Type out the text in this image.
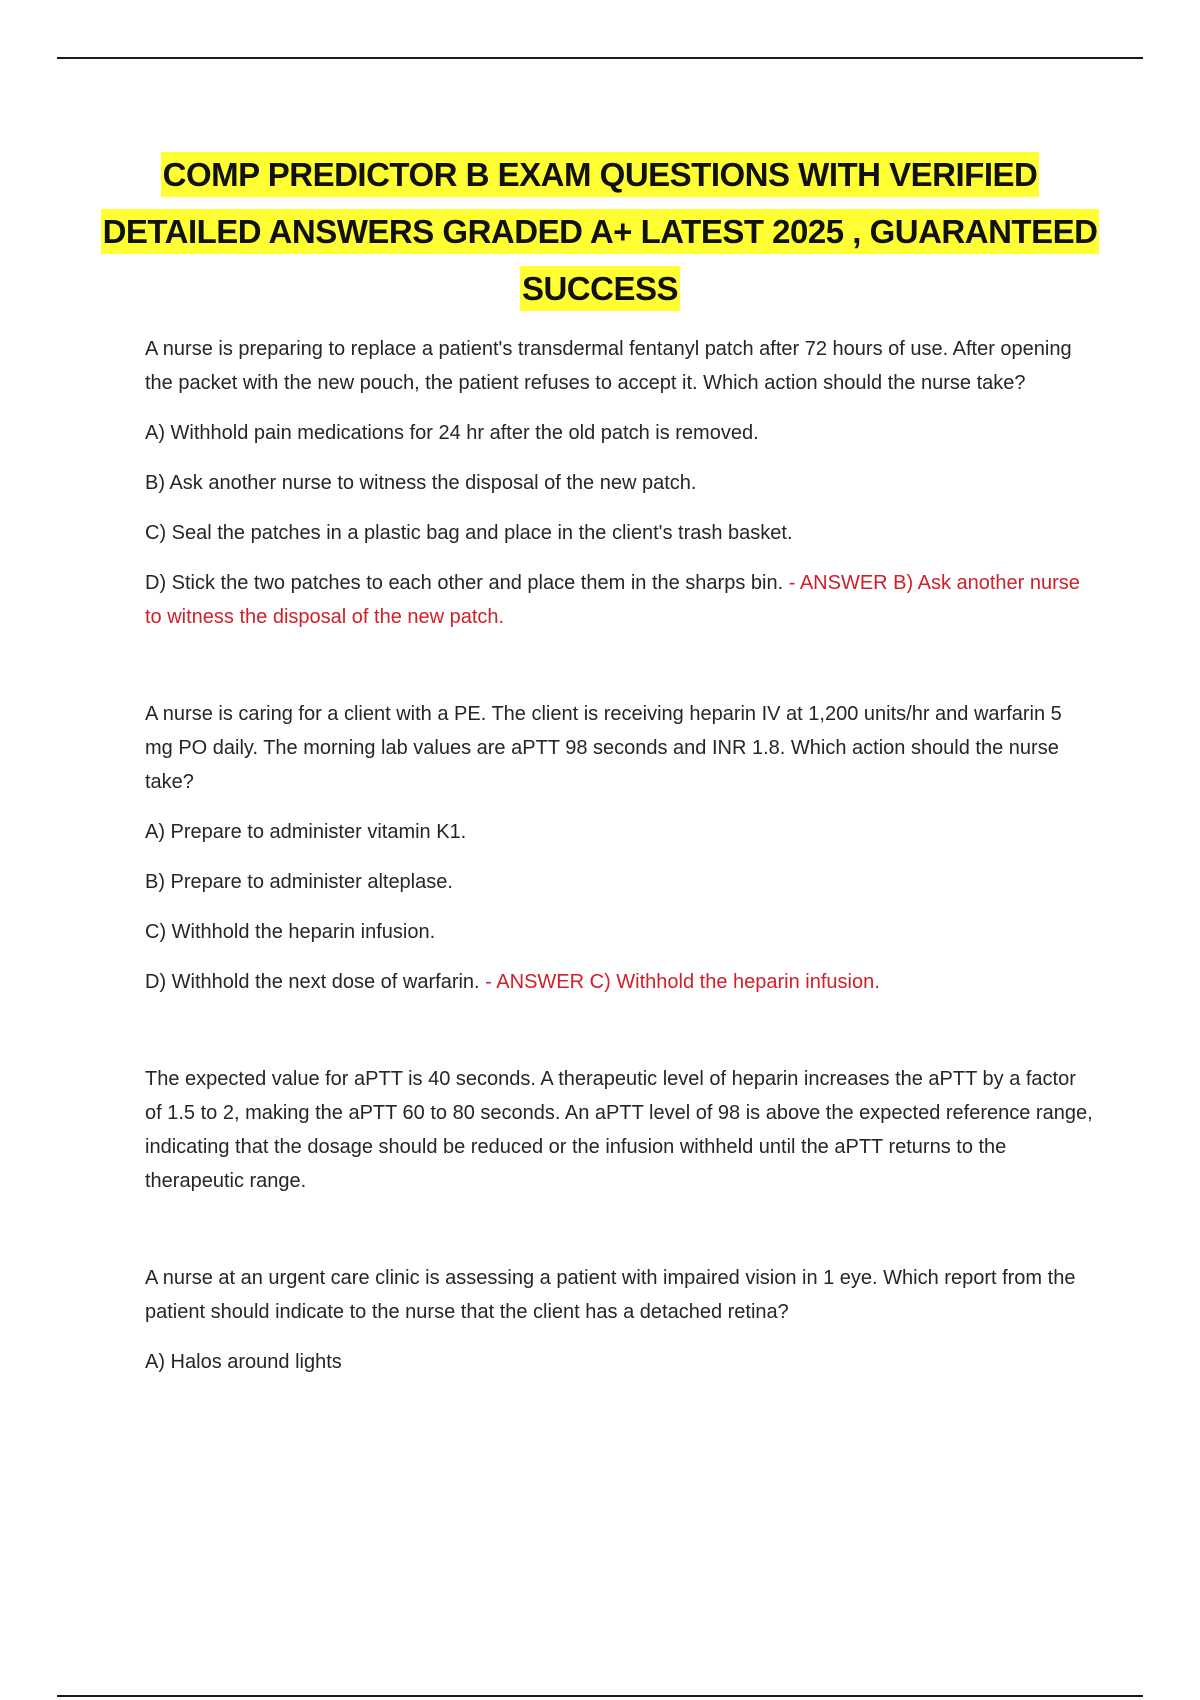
COMP PREDICTOR B EXAM QUESTIONS WITH VERIFIED DETAILED ANSWERS GRADED A+ LATEST 2025 , GUARANTEED SUCCESS

A nurse is preparing to replace a patient's transdermal fentanyl patch after 72 hours of use. After opening the packet with the new pouch, the patient refuses to accept it. Which action should the nurse take?

A) Withhold pain medications for 24 hr after the old patch is removed.

B) Ask another nurse to witness the disposal of the new patch.

C) Seal the patches in a plastic bag and place in the client's trash basket.

D) Stick the two patches to each other and place them in the sharps bin. - ANSWER B) Ask another nurse to witness the disposal of the new patch.

A nurse is caring for a client with a PE. The client is receiving heparin IV at 1,200 units/hr and warfarin 5 mg PO daily. The morning lab values are aPTT 98 seconds and INR 1.8. Which action should the nurse take?

A) Prepare to administer vitamin K1.

B) Prepare to administer alteplase.

C) Withhold the heparin infusion.

D) Withhold the next dose of warfarin. - ANSWER C) Withhold the heparin infusion.

The expected value for aPTT is 40 seconds. A therapeutic level of heparin increases the aPTT by a factor of 1.5 to 2, making the aPTT 60 to 80 seconds. An aPTT level of 98 is above the expected reference range, indicating that the dosage should be reduced or the infusion withheld until the aPTT returns to the therapeutic range.

A nurse at an urgent care clinic is assessing a patient with impaired vision in 1 eye. Which report from the patient should indicate to the nurse that the client has a detached retina?

A) Halos around lights
